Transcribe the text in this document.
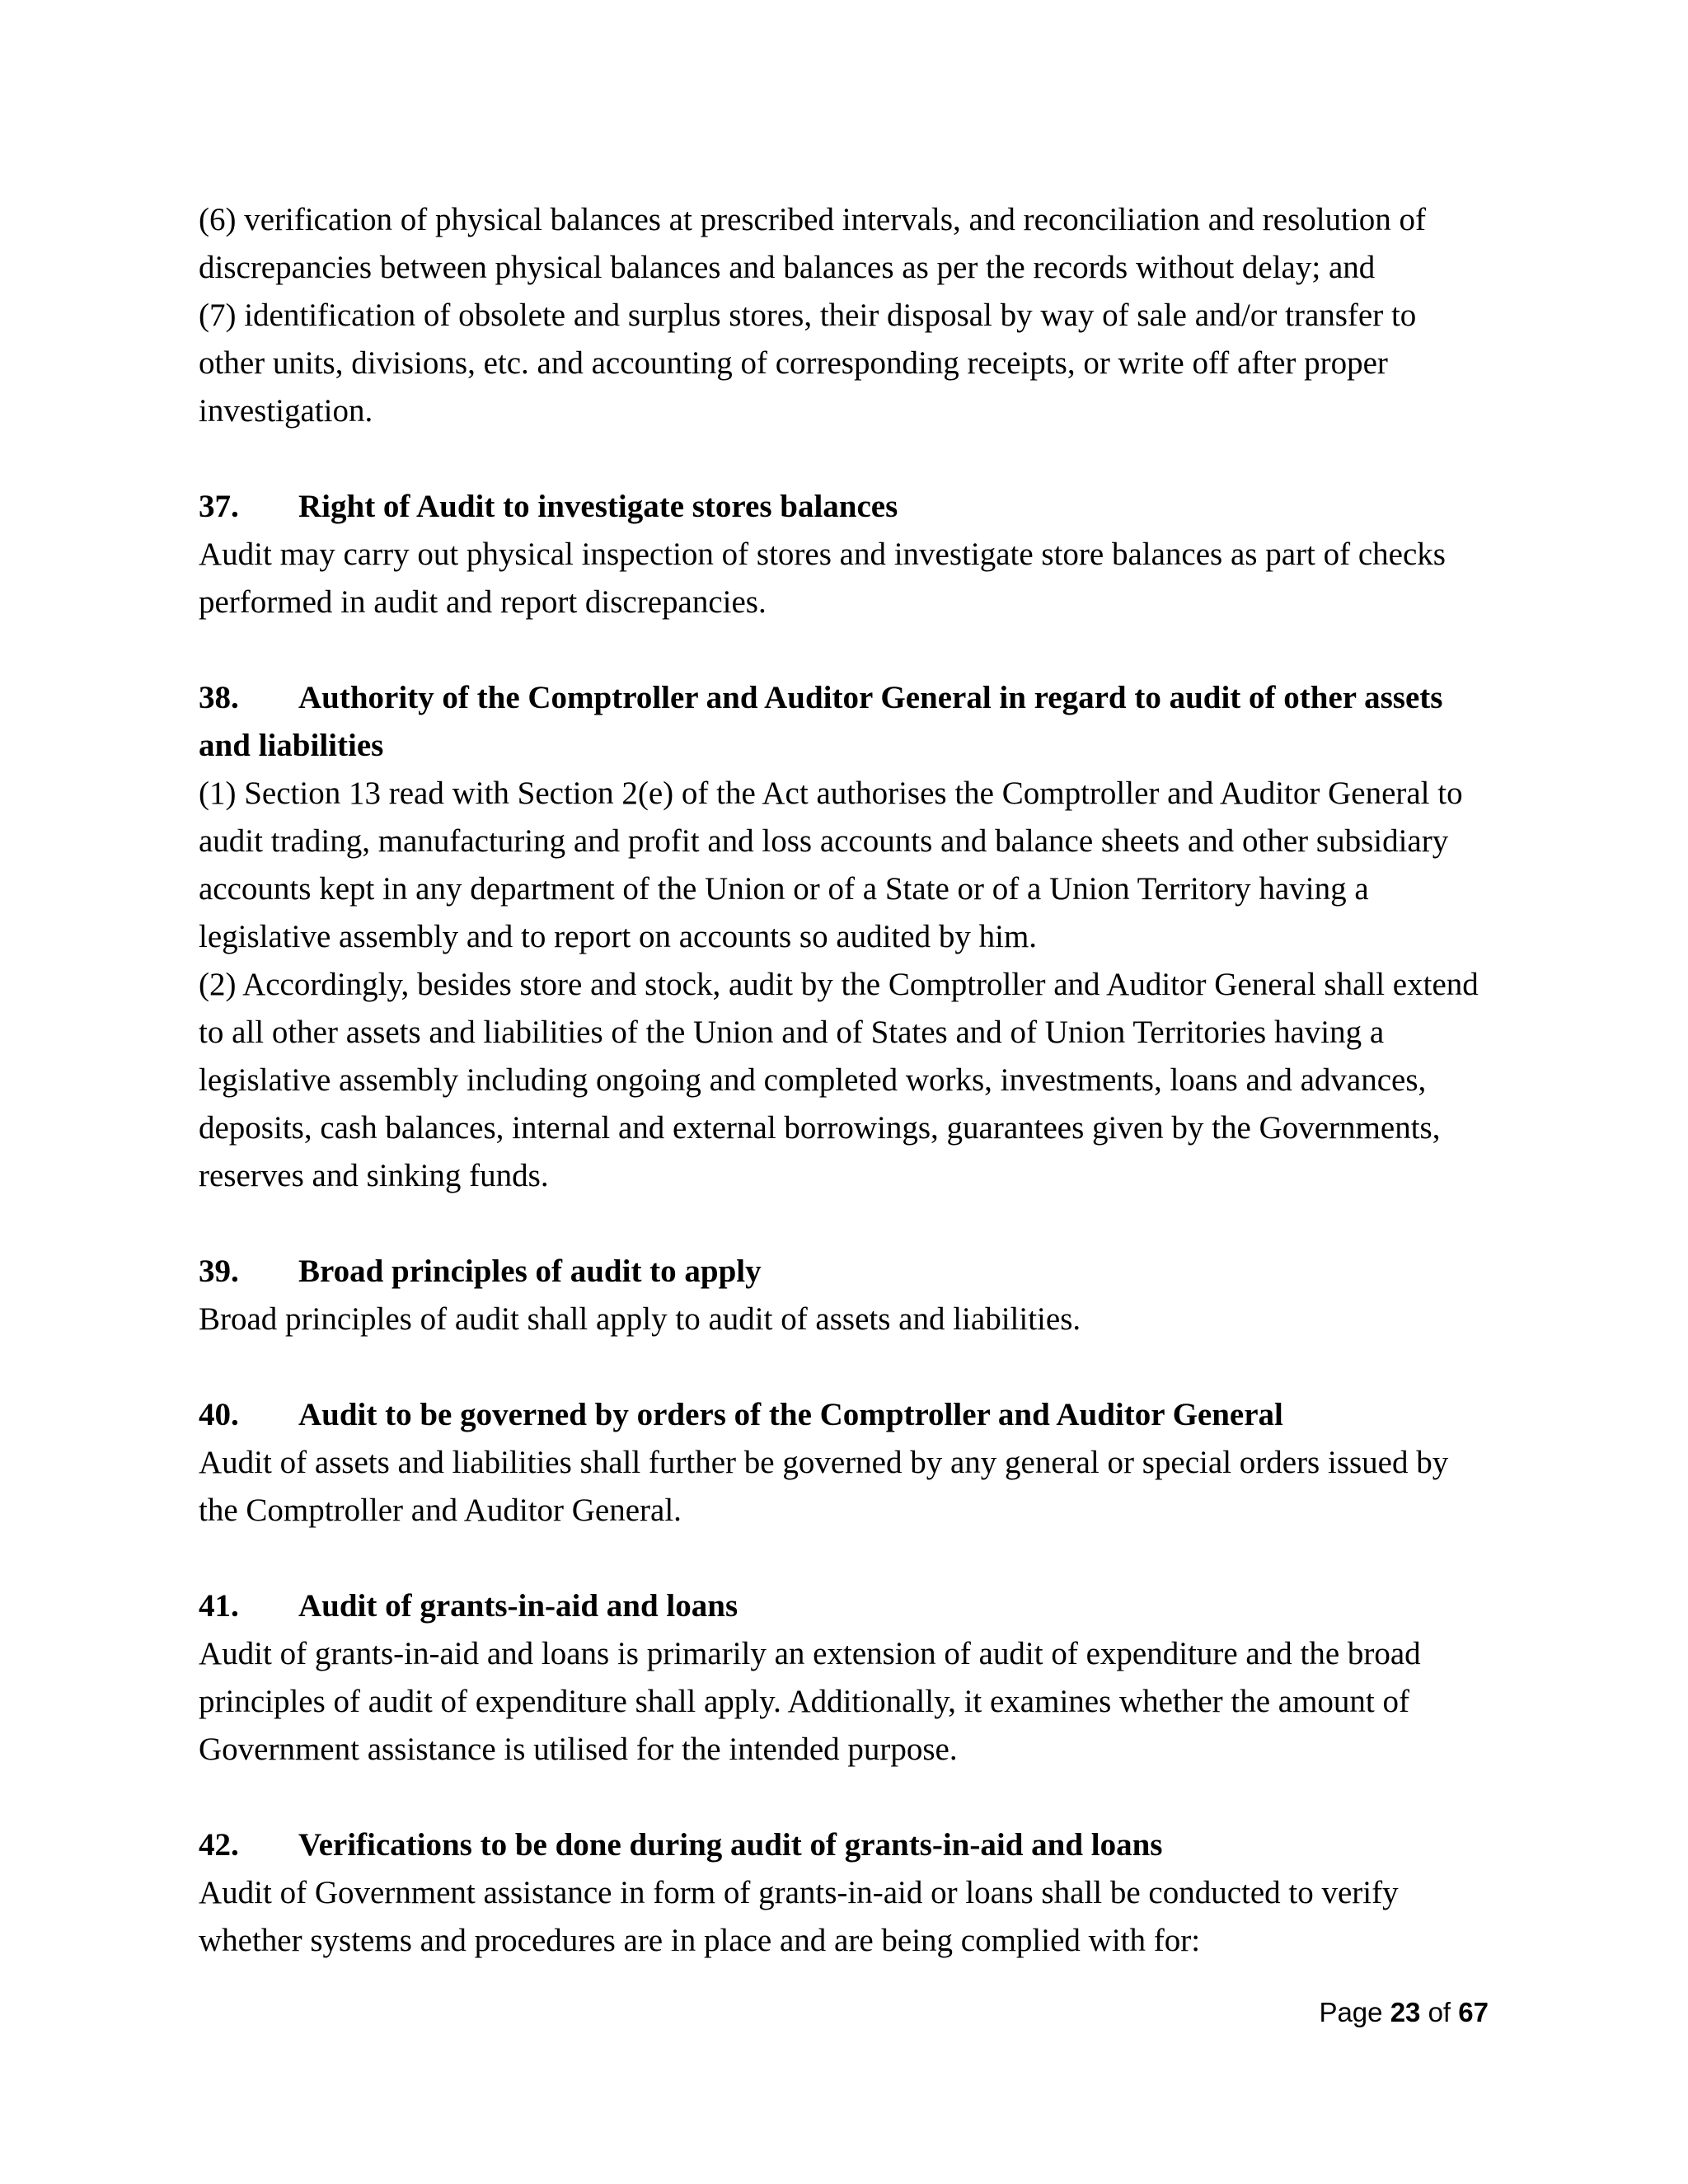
(6) verification of physical balances at prescribed intervals, and reconciliation and resolution of discrepancies between physical balances and balances as per the records without delay; and

(7) identification of obsolete and surplus stores, their disposal by way of sale and/or transfer to other units, divisions, etc. and accounting of corresponding receipts, or write off after proper investigation.

37.	Right of Audit to investigate stores balances

Audit may carry out physical inspection of stores and investigate store balances as part of checks performed in audit and report discrepancies.

38. Authority of the Comptroller and Auditor General in regard to audit of other assets and liabilities

(1) Section 13 read with Section 2(e) of the Act authorises the Comptroller and Auditor General to audit trading, manufacturing and profit and loss accounts and balance sheets and other subsidiary accounts kept in any department of the Union or of a State or of a Union Territory having a legislative assembly and to report on accounts so audited by him.

(2) Accordingly, besides store and stock, audit by the Comptroller and Auditor General shall extend to all other assets and liabilities of the Union and of States and of Union Territories having a legislative assembly including ongoing and completed works, investments, loans and advances, deposits, cash balances, internal and external borrowings, guarantees given by the Governments, reserves and sinking funds.

39.	Broad principles of audit to apply

Broad principles of audit shall apply to audit of assets and liabilities.

40.	Audit to be governed by orders of the Comptroller and Auditor General

Audit of assets and liabilities shall further be governed by any general or special orders issued by the Comptroller and Auditor General.

41.	Audit of grants-in-aid and loans

Audit of grants-in-aid and loans is primarily an extension of audit of expenditure and the broad principles of audit of expenditure shall apply. Additionally, it examines whether the amount of Government assistance is utilised for the intended purpose.

42.	Verifications to be done during audit of grants-in-aid and loans

Audit of Government assistance in form of grants-in-aid or loans shall be conducted to verify whether systems and procedures are in place and are being complied with for:

Page 23 of 67
